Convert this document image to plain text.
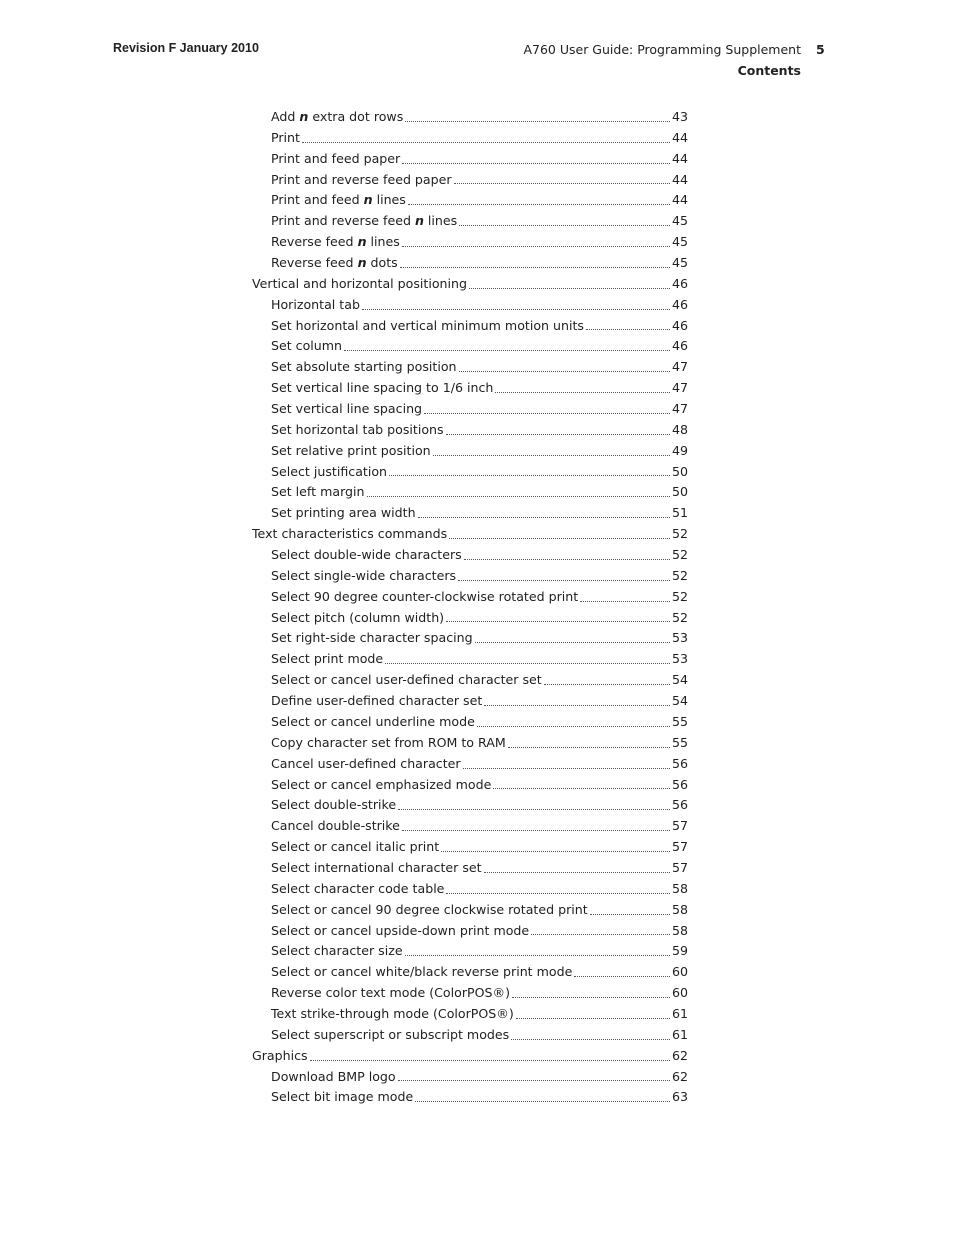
Revision F January 2010	A760 User Guide: Programming Supplement
Contents
5
Add n extra dot rows	43
Print	44
Print and feed paper	44
Print and reverse feed paper	44
Print and feed n lines	44
Print and reverse feed n lines	45
Reverse feed n lines	45
Reverse feed n dots	45
Vertical and horizontal positioning	46
Horizontal tab	46
Set horizontal and vertical minimum motion units	46
Set column	46
Set absolute starting position	47
Set vertical line spacing to 1/6 inch	47
Set vertical line spacing	47
Set horizontal tab positions	48
Set relative print position	49
Select justification	50
Set left margin	50
Set printing area width	51
Text characteristics commands	52
Select double-wide characters	52
Select single-wide characters	52
Select 90 degree counter-clockwise rotated print	52
Select pitch (column width)	52
Set right-side character spacing	53
Select print mode	53
Select or cancel user-defined character set	54
Define user-defined character set	54
Select or cancel underline mode	55
Copy character set from ROM to RAM	55
Cancel user-defined character	56
Select or cancel emphasized mode	56
Select double-strike	56
Cancel double-strike	57
Select or cancel italic print	57
Select international character set	57
Select character code table	58
Select or cancel 90 degree clockwise rotated print	58
Select or cancel upside-down print mode	58
Select character size	59
Select or cancel white/black reverse print mode	60
Reverse color text mode (ColorPOS®)	60
Text strike-through mode (ColorPOS®)	61
Select superscript or subscript modes	61
Graphics	62
Download BMP logo	62
Select bit image mode	63
